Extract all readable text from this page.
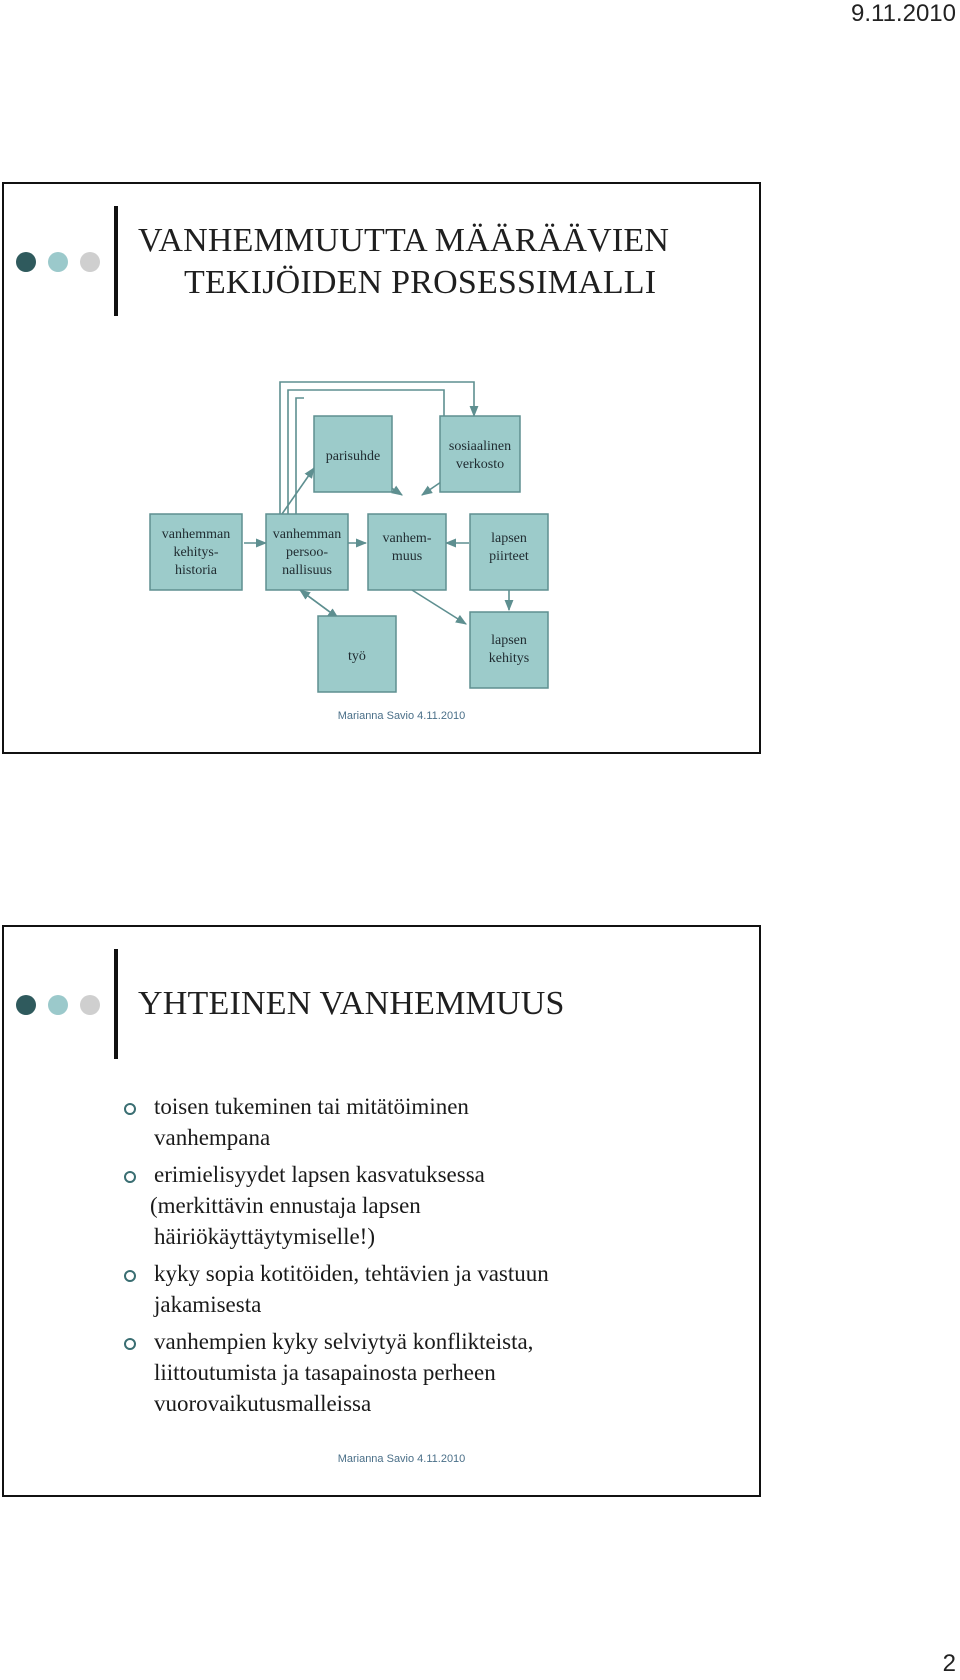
9.11.2010
VANHEMMUUTTA MÄÄRÄÄVIEN
TEKIJÖIDEN PROSESSIMALLI
parisuhde
sosiaalinen
verkosto
vanhemman
kehitys-
historia
vanhemman
persoo-
nallisuus
vanhem-
muus
lapsen
piirteet
työ
lapsen
kehitys
Marianna Savio 4.11.2010
YHTEINEN VANHEMMUUS
toisen tukeminen tai mitätöiminen
vanhempana
erimielisyydet lapsen kasvatuksessa
(merkittävin ennustaja lapsen
häiriökäyttäytymiselle!)
kyky sopia kotitöiden, tehtävien ja vastuun
jakamisesta
vanhempien kyky selviytyä konflikteista,
liittoutumista ja tasapainosta perheen
vuorovaikutusmalleissa
Marianna Savio 4.11.2010
2
